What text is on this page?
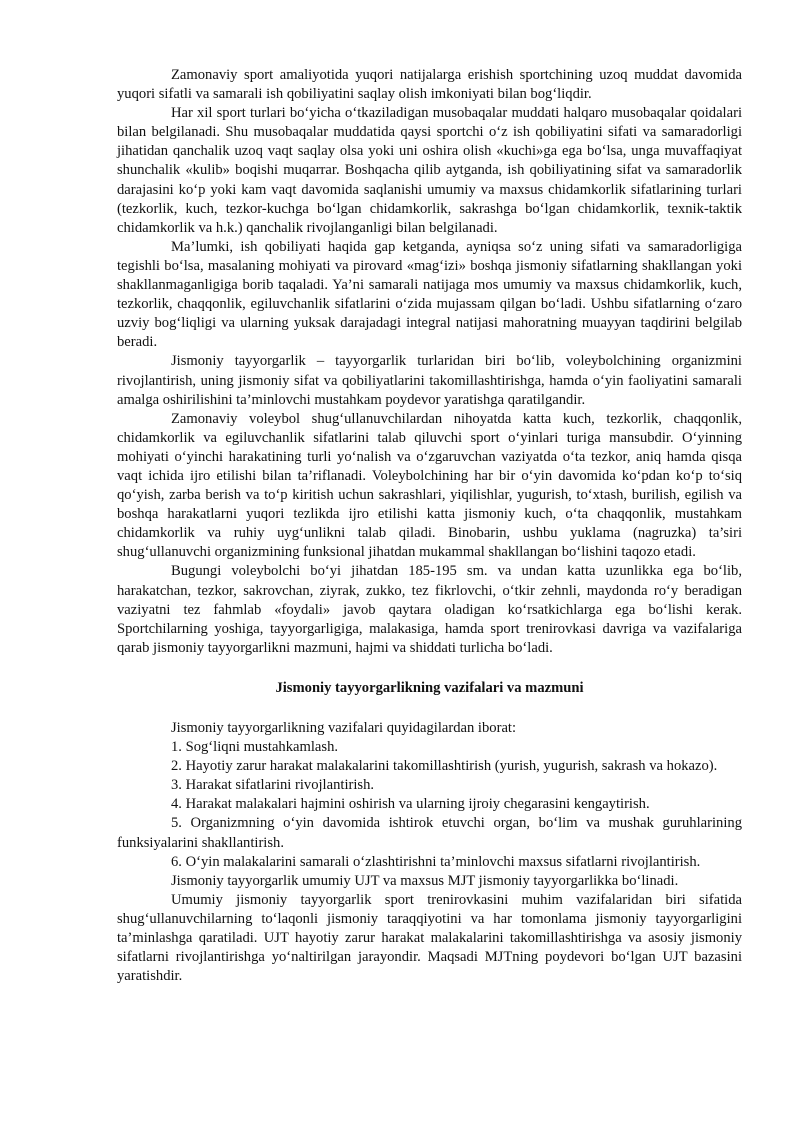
Zamonaviy sport amaliyotida yuqori natijalarga erishish sportchining uzoq muddat davomida yuqori sifatli va samarali ish qobiliyatini saqlay olish imkoniyati bilan bog‘liqdir.

Har xil sport turlari bo‘yicha o‘tkaziladigan musobaqalar muddati halqaro musobaqalar qoidalari bilan belgilanadi. Shu musobaqalar muddatida qaysi sportchi o‘z ish qobiliyatini sifati va samaradorligi jihatidan qanchalik uzoq vaqt saqlay olsa yoki uni oshira olish «kuchi»ga ega bo‘lsa, unga muvaffaqiyat shunchalik «kulib» boqishi muqarrar. Boshqacha qilib aytganda, ish qobiliyatining sifat va samaradorlik darajasini ko‘p yoki kam vaqt davomida saqlanishi umumiy va maxsus chidamkorlik sifatlarining turlari (tezkorlik, kuch, tezkor-kuchga bo‘lgan chidamkorlik, sakrashga bo‘lgan chidamkorlik, texnik-taktik chidamkorlik va h.k.) qanchalik rivojlanganligi bilan belgilanadi.

Ma’lumki, ish qobiliyati haqida gap ketganda, ayniqsa so‘z uning sifati va samaradorligiga tegishli bo‘lsa, masalaning mohiyati va pirovard «mag‘izi» boshqa jismoniy sifatlarning shakllangan yoki shakllanmaganligiga borib taqaladi. Ya’ni samarali natijaga mos umumiy va maxsus chidamkorlik, kuch, tezkorlik, chaqqonlik, egiluvchanlik sifatlarini o‘zida mujassam qilgan bo‘ladi. Ushbu sifatlarning o‘zaro uzviy bog‘liqligi va ularning yuksak darajadagi integral natijasi mahoratning muayyan taqdirini belgilab beradi.

Jismoniy tayyorgarlik – tayyorgarlik turlaridan biri bo‘lib, voleybolchining organizmini rivojlantirish, uning jismoniy sifat va qobiliyatlarini takomillashtirishga, hamda o‘yin faoliyatini samarali amalga oshirilishini ta’minlovchi mustahkam poydevor yaratishga qaratilgandir.

Zamonaviy voleybol shug‘ullanuvchilardan nihoyatda katta kuch, tezkorlik, chaqqonlik, chidamkorlik va egiluvchanlik sifatlarini talab qiluvchi sport o‘yinlari turiga mansubdir. O‘yinning mohiyati o‘yinchi harakatining turli yo‘nalish va o‘zgaruvchan vaziyatda o‘ta tezkor, aniq hamda qisqa vaqt ichida ijro etilishi bilan ta’riflanadi. Voleybolchining har bir o‘yin davomida ko‘pdan ko‘p to‘siq qo‘yish, zarba berish va to‘p kiritish uchun sakrashlari, yiqilishlar, yugurish, to‘xtash, burilish, egilish va boshqa harakatlarni yuqori tezlikda ijro etilishi katta jismoniy kuch, o‘ta chaqqonlik, mustahkam chidamkorlik va ruhiy uyg‘unlikni talab qiladi. Binobarin, ushbu yuklama (nagruzka) ta’siri shug‘ullanuvchi organizmining funksional jihatdan mukammal shakllangan bo‘lishini taqozo etadi.

Bugungi voleybolchi bo‘yi jihatdan 185-195 sm. va undan katta uzunlikka ega bo‘lib, harakatchan, tezkor, sakrovchan, ziyrak, zukko, tez fikrlovchi, o‘tkir zehnli, maydonda ro‘y beradigan vaziyatni tez fahmlab «foydali» javob qaytara oladigan ko‘rsatkichlarga ega bo‘lishi kerak. Sportchilarning yoshiga, tayyorgarligiga, malakasiga, hamda sport trenirovkasi davriga va vazifalariga qarab jismoniy tayyorgarlikni mazmuni, hajmi va shiddati turlicha bo‘ladi.

Jismoniy tayyorgarlikning vazifalari va mazmuni

Jismoniy tayyorgarlikning vazifalari quyidagilardan iborat:

1. Sog‘liqni mustahkamlash.

2. Hayotiy zarur harakat malakalarini takomillashtirish (yurish, yugurish, sakrash va hokazo).

3. Harakat sifatlarini rivojlantirish.

4. Harakat malakalari hajmini oshirish va ularning ijroiy chegarasini kengaytirish.

5. Organizmning o‘yin davomida ishtirok etuvchi organ, bo‘lim va mushak guruhlarining funksiyalarini shakllantirish.

6. O‘yin malakalarini samarali o‘zlashtirishni ta’minlovchi maxsus sifatlarni rivojlantirish.

Jismoniy tayyorgarlik umumiy UJT va maxsus MJT jismoniy tayyorgarlikka bo‘linadi.

Umumiy jismoniy tayyorgarlik sport trenirovkasini muhim vazifalaridan biri sifatida shug‘ullanuvchilarning to‘laqonli jismoniy taraqqiyotini va har tomonlama jismoniy tayyorgarligini ta’minlashga qaratiladi. UJT hayotiy zarur harakat malakalarini takomillashtirishga va asosiy jismoniy sifatlarni rivojlantirishga yo‘naltirilgan jarayondir. Maqsadi MJTning poydevori bo‘lgan UJT bazasini yaratishdir.
